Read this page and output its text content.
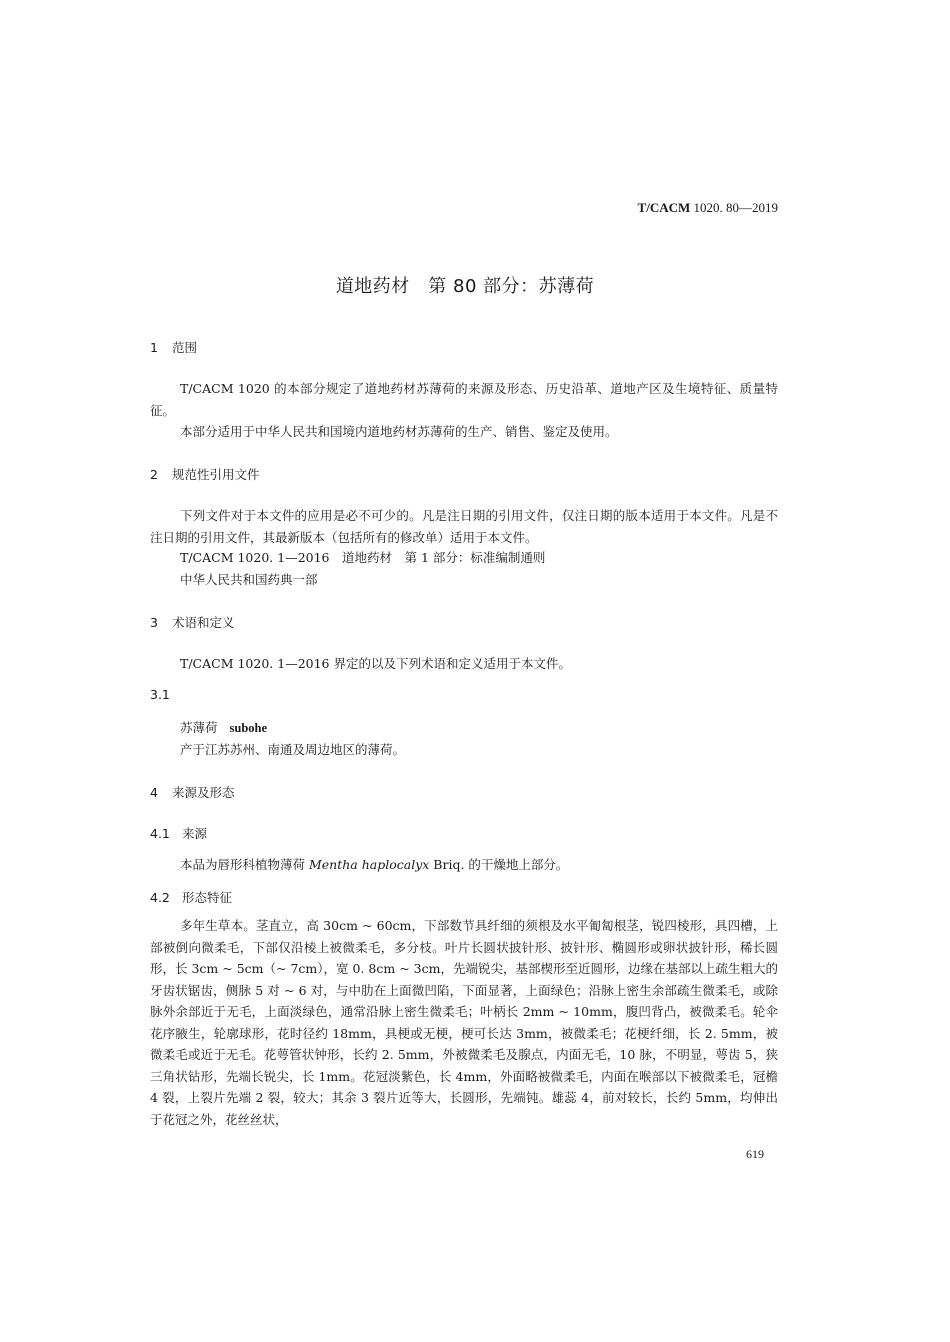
T/CACM 1020. 80—2019
道地药材　第 80 部分：苏薄荷
1 范围
T/CACM 1020 的本部分规定了道地药材苏薄荷的来源及形态、历史沿革、道地产区及生境特征、质量特征。
本部分适用于中华人民共和国境内道地药材苏薄荷的生产、销售、鉴定及使用。
2 规范性引用文件
下列文件对于本文件的应用是必不可少的。凡是注日期的引用文件，仅注日期的版本适用于本文件。凡是不注日期的引用文件，其最新版本（包括所有的修改单）适用于本文件。
T/CACM 1020. 1—2016　道地药材　第 1 部分：标准编制通则
中华人民共和国药典一部
3 术语和定义
T/CACM 1020. 1—2016 界定的以及下列术语和定义适用于本文件。
3.1
苏薄荷 subohe
产于江苏苏州、南通及周边地区的薄荷。
4 来源及形态
4.1 来源
本品为唇形科植物薄荷 Mentha haplocalyx Briq. 的干燥地上部分。
4.2 形态特征
多年生草本。茎直立，高 30cm ~ 60cm，下部数节具纤细的须根及水平匍匐根茎，锐四棱形，具四槽，上部被倒向微柔毛，下部仅沿棱上被微柔毛，多分枝。叶片长圆状披针形、披针形、椭圆形或卵状披针形，稀长圆形，长 3cm ~ 5cm（~ 7cm），宽 0. 8cm ~ 3cm，先端锐尖，基部楔形至近圆形，边缘在基部以上疏生粗大的牙齿状锯齿，侧脉 5 对 ~ 6 对，与中肋在上面微凹陷，下面显著，上面绿色；沿脉上密生余部疏生微柔毛，或除脉外余部近于无毛，上面淡绿色，通常沿脉上密生微柔毛；叶柄长 2mm ~ 10mm，腹凹背凸，被微柔毛。轮伞花序腋生，轮廓球形，花时径约 18mm，具梗或无梗，梗可长达 3mm，被微柔毛；花梗纤细，长 2. 5mm，被微柔毛或近于无毛。花萼管状钟形，长约 2. 5mm，外被微柔毛及腺点，内面无毛，10 脉，不明显，萼齿 5，狭三角状钻形，先端长锐尖，长 1mm。花冠淡紫色，长 4mm，外面略被微柔毛，内面在喉部以下被微柔毛，冠檐 4 裂，上裂片先端 2 裂，较大；其余 3 裂片近等大，长圆形，先端钝。雄蕊 4，前对较长，长约 5mm，均伸出于花冠之外，花丝丝状，
619
